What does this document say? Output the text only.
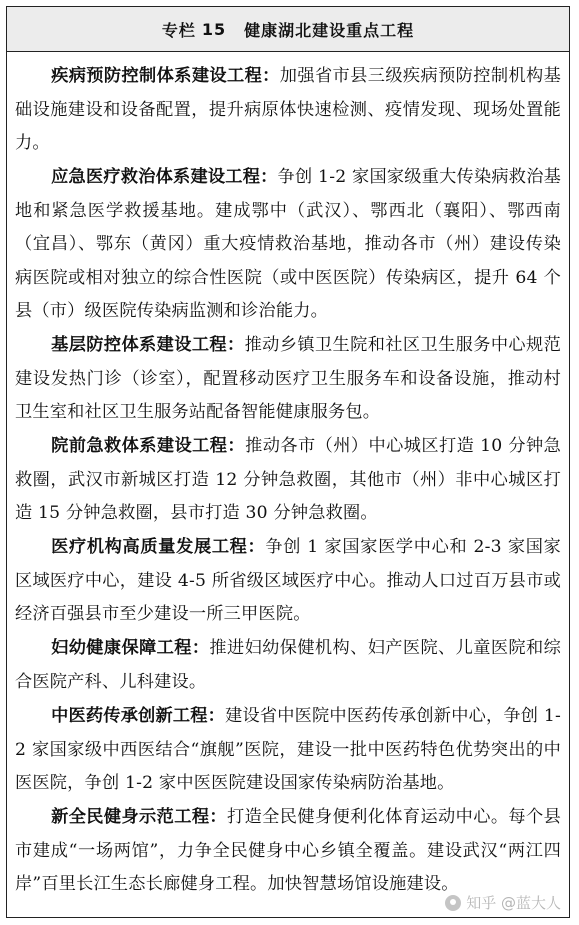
专栏 15 健康湖北建设重点工程

疾病预防控制体系建设工程：加强省市县三级疾病预防控制机构基础设施建设和设备配置，提升病原体快速检测、疫情发现、现场处置能力。

应急医疗救治体系建设工程：争创 1-2 家国家级重大传染病救治基地和紧急医学救援基地。建成鄂中（武汉）、鄂西北（襄阳）、鄂西南（宜昌）、鄂东（黄冈）重大疫情救治基地，推动各市（州）建设传染病医院或相对独立的综合性医院（或中医医院）传染病区，提升 64 个县（市）级医院传染病监测和诊治能力。

基层防控体系建设工程：推动乡镇卫生院和社区卫生服务中心规范建设发热门诊（诊室），配置移动医疗卫生服务车和设备设施，推动村卫生室和社区卫生服务站配备智能健康服务包。

院前急救体系建设工程：推动各市（州）中心城区打造 10 分钟急救圈，武汉市新城区打造 12 分钟急救圈，其他市（州）非中心城区打造 15 分钟急救圈，县市打造 30 分钟急救圈。

医疗机构高质量发展工程：争创 1 家国家医学中心和 2-3 家国家区域医疗中心，建设 4-5 所省级区域医疗中心。推动人口过百万县市或经济百强县市至少建设一所三甲医院。

妇幼健康保障工程：推进妇幼保健机构、妇产医院、儿童医院和综合医院产科、儿科建设。

中医药传承创新工程：建设省中医院中医药传承创新中心，争创 1-2 家国家级中西医结合“旗舰”医院，建设一批中医药特色优势突出的中医医院，争创 1-2 家中医医院建设国家传染病防治基地。

新全民健身示范工程：打造全民健身便利化体育运动中心。每个县市建成“一场两馆”，力争全民健身中心乡镇全覆盖。建设武汉“两江四岸”百里长江生态长廊健身工程。加快智慧场馆设施建设。

知乎 @蓝大人
